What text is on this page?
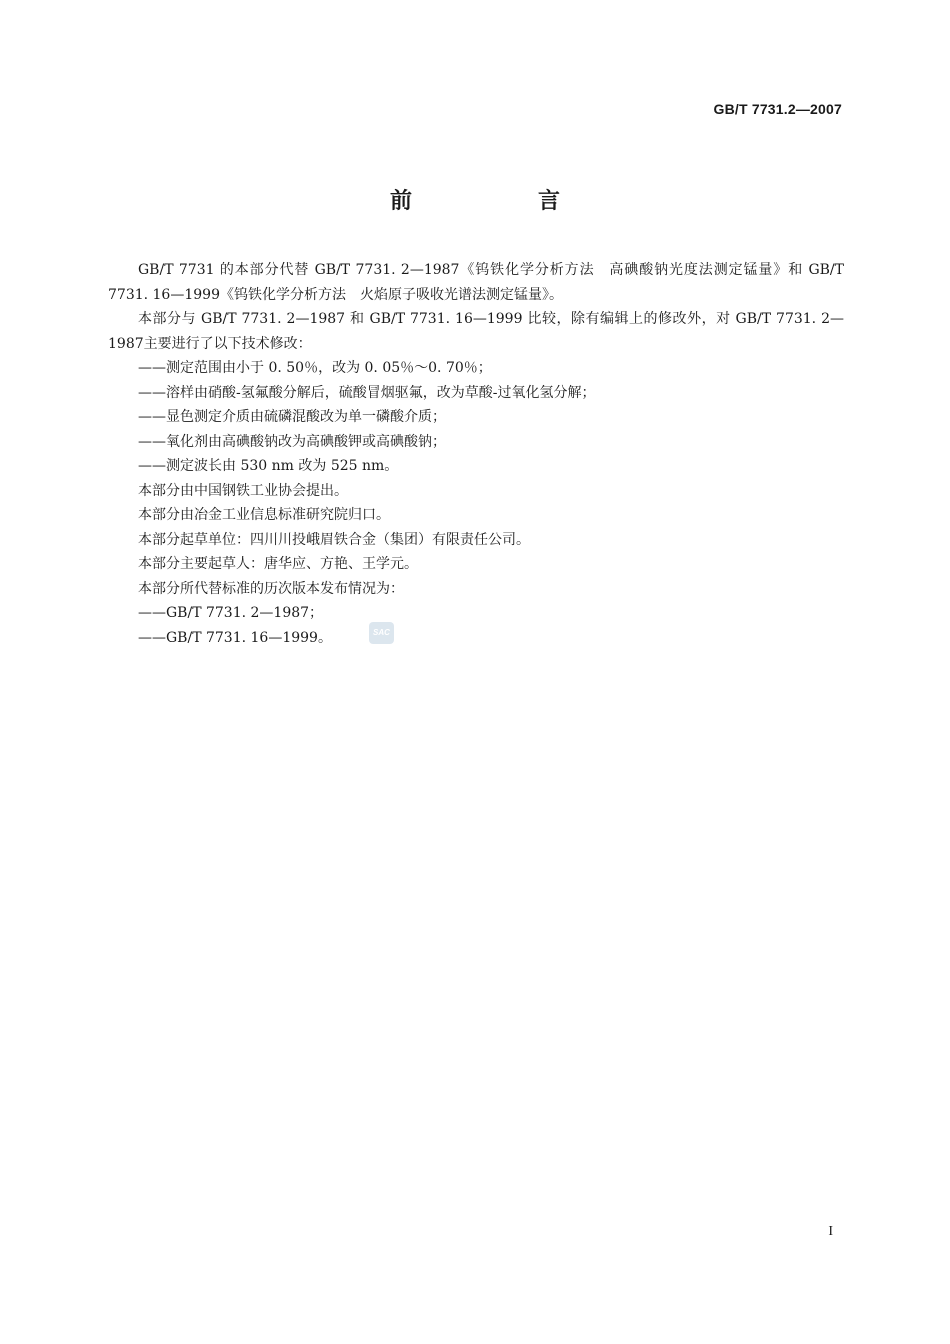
GB/T 7731.2—2007
前　言

GB/T 7731 的本部分代替 GB/T 7731. 2—1987《钨铁化学分析方法　高碘酸钠光度法测定锰量》和 GB/T 7731. 16—1999《钨铁化学分析方法　火焰原子吸收光谱法测定锰量》。

本部分与 GB/T 7731. 2—1987 和 GB/T 7731. 16—1999 比较，除有编辑上的修改外，对 GB/T 7731. 2—1987主要进行了以下技术修改：

——测定范围由小于 0. 50％，改为 0. 05％～0. 70％；

——溶样由硝酸-氢氟酸分解后，硫酸冒烟驱氟，改为草酸-过氧化氢分解；

——显色测定介质由硫磷混酸改为单一磷酸介质；

——氧化剂由高碘酸钠改为高碘酸钾或高碘酸钠；

——测定波长由 530 nm 改为 525 nm。

本部分由中国钢铁工业协会提出。

本部分由冶金工业信息标准研究院归口。

本部分起草单位：四川川投峨眉铁合金（集团）有限责任公司。

本部分主要起草人：唐华应、方艳、王学元。

本部分所代替标准的历次版本发布情况为：

——GB/T 7731. 2—1987；

——GB/T 7731. 16—1999。	SAC
I
